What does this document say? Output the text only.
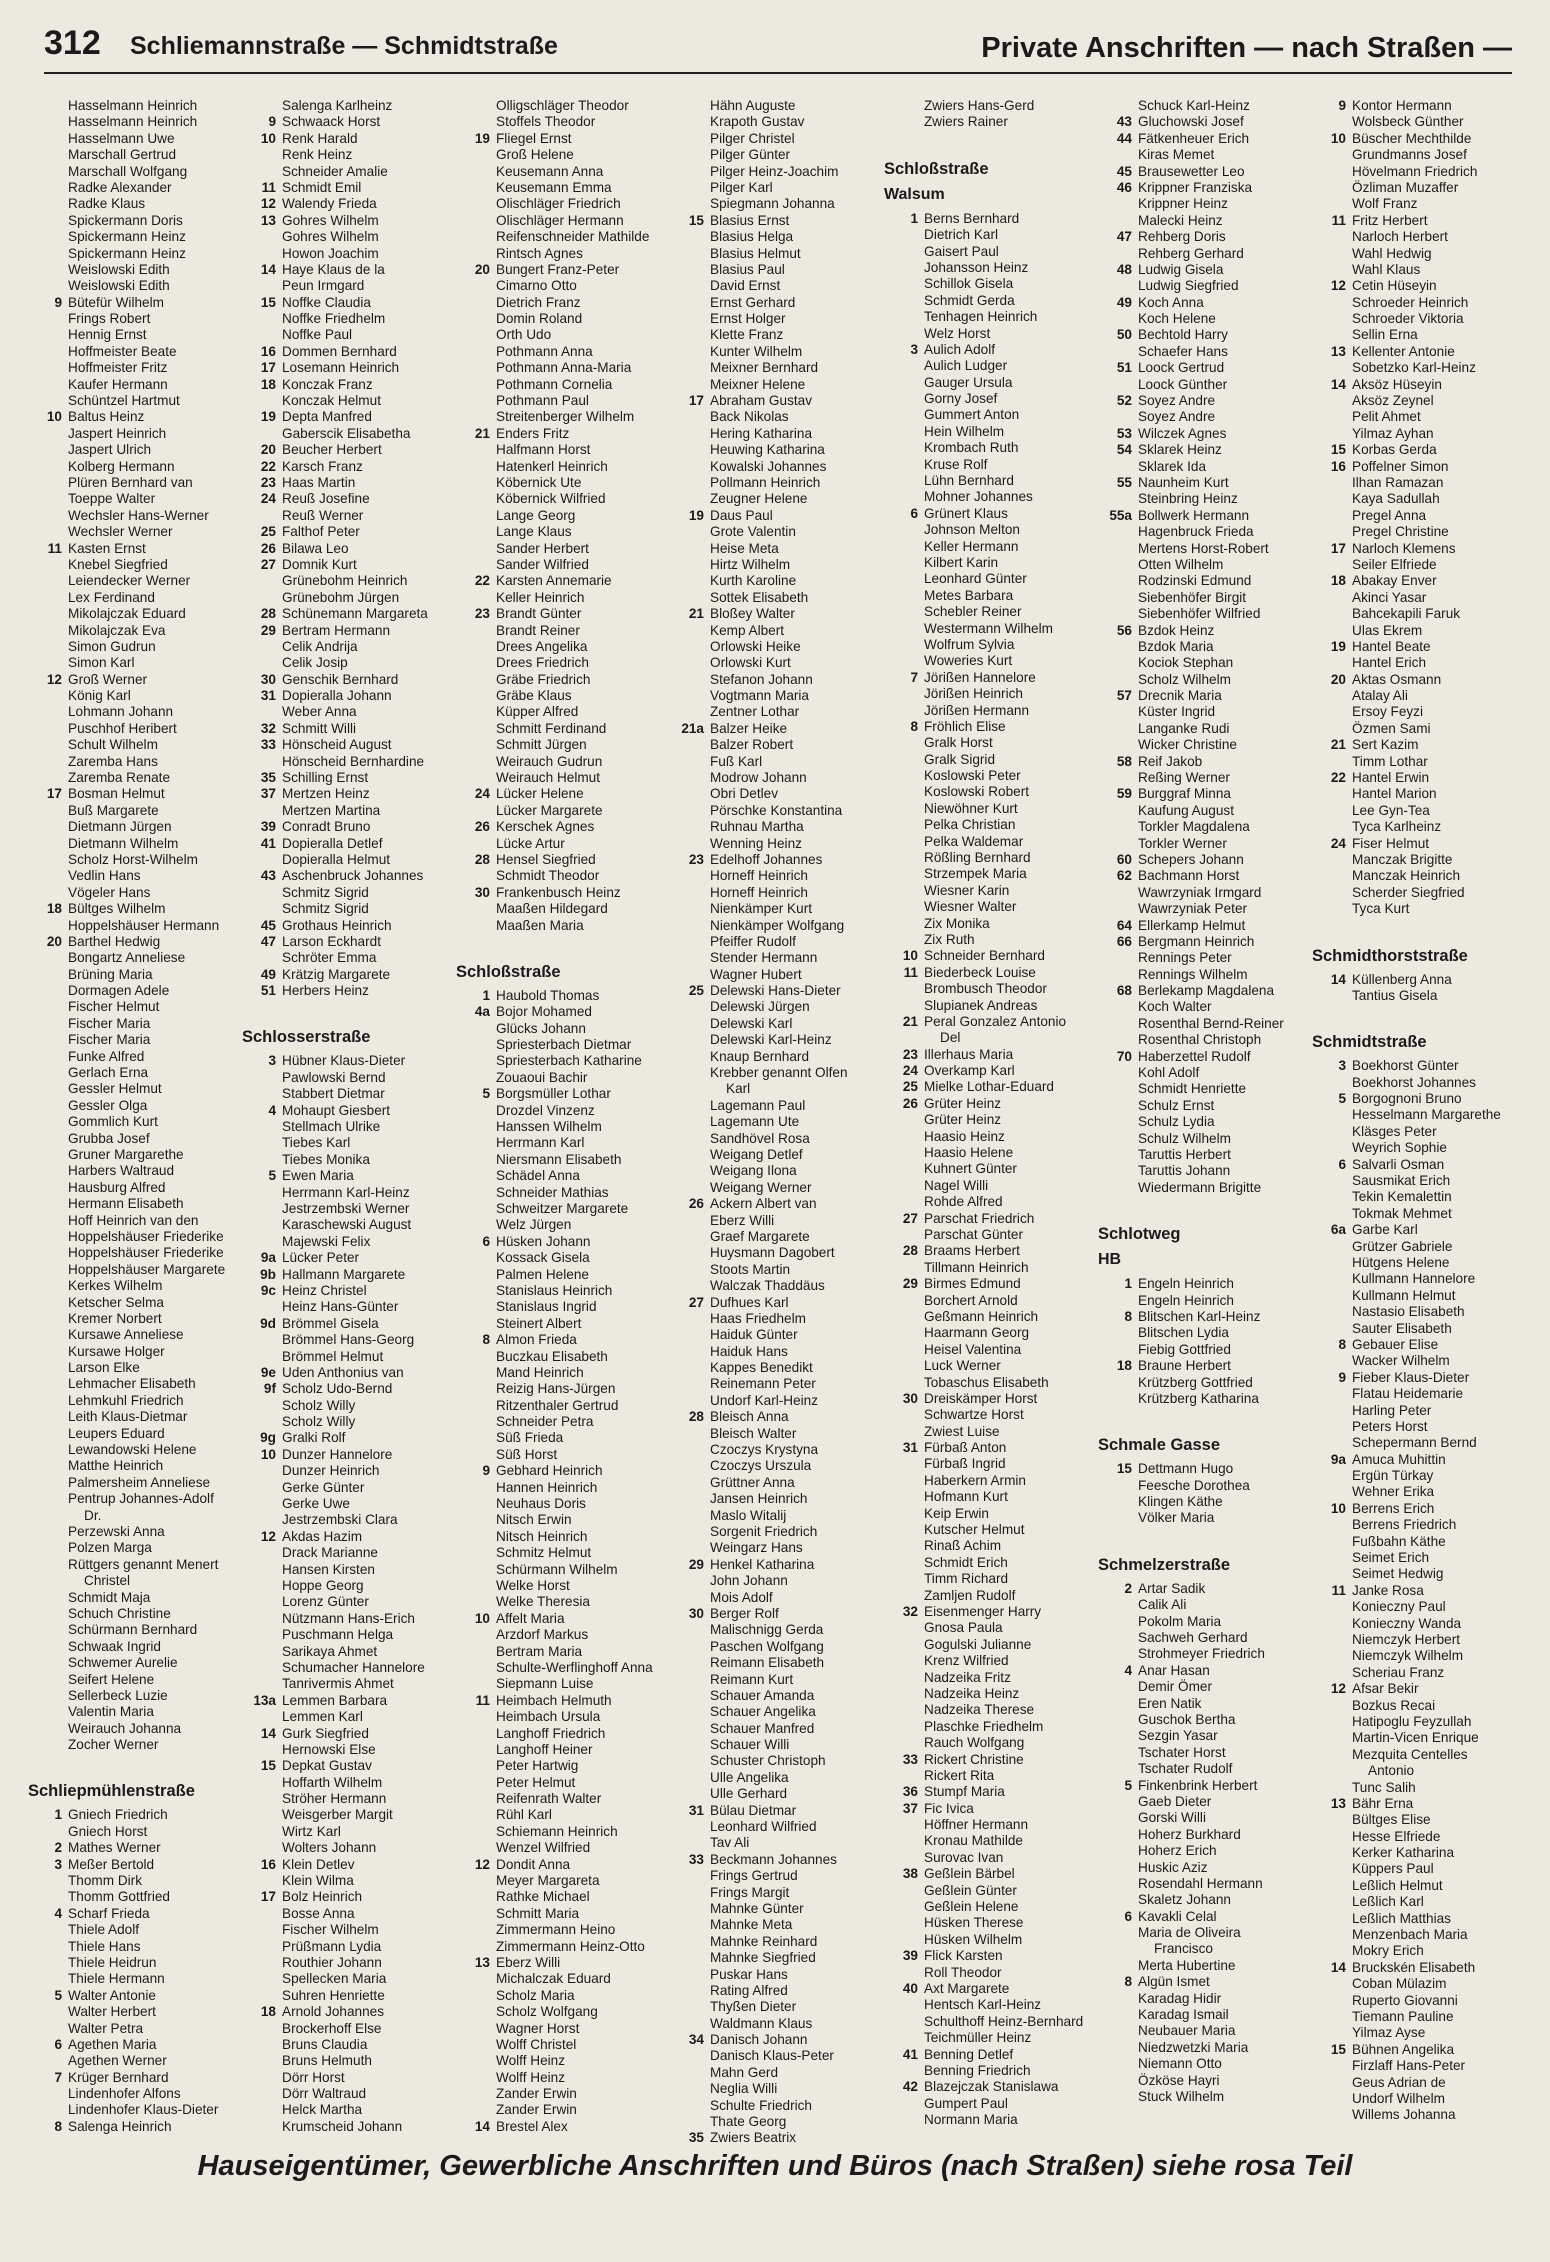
312 Schliemannstraße — Schmidtstraße	Private Anschriften — nach Straßen —
Hasselmann Heinrich
Hasselmann Heinrich
Hasselmann Uwe
Marschall Gertrud
Marschall Wolfgang
Radke Alexander
Radke Klaus
Spickermann Doris
Spickermann Heinz
Spickermann Heinz
Weislowski Edith
Weislowski Edith
9 Bütefür Wilhelm
Frings Robert
Hennig Ernst
Hoffmeister Beate
Hoffmeister Fritz
Kaufer Hermann
Schüntzel Hartmut
10 Baltus Heinz
Jaspert Heinrich
Jaspert Ulrich
Kolberg Hermann
Plüren Bernhard van
Toeppe Walter
Wechsler Hans-Werner
Wechsler Werner
11 Kasten Ernst
Knebel Siegfried
Leiendecker Werner
Lex Ferdinand
Mikolajczak Eduard
Mikolajczak Eva
Simon Gudrun
Simon Karl
12 Groß Werner
König Karl
Lohmann Johann
Puschhof Heribert
Schult Wilhelm
Zaremba Hans
Zaremba Renate
17 Bosman Helmut
Buß Margarete
Dietmann Jürgen
Dietmann Wilhelm
Scholz Horst-Wilhelm
Vedlin Hans
Vögeler Hans
18 Bültges Wilhelm
Hoppelshäuser Hermann
20 Barthel Hedwig
Bongartz Anneliese
Brüning Maria
Dormagen Adele
Fischer Helmut
Fischer Maria
Fischer Maria
Funke Alfred
Gerlach Erna
Gessler Helmut
Gessler Olga
Gommlich Kurt
Grubba Josef
Gruner Margarethe
Harbers Waltraud
Hausburg Alfred
Hermann Elisabeth
Hoff Heinrich van den
Hoppelshäuser Friederike
Hoppelshäuser Friederike
Hoppelshäuser Margarete
Kerkes Wilhelm
Ketscher Selma
Kremer Norbert
Kursawe Anneliese
Kursawe Holger
Larson Elke
Lehmacher Elisabeth
Lehmkuhl Friedrich
Leith Klaus-Dietmar
Leupers Eduard
Lewandowski Helene
Matthe Heinrich
Palmersheim Anneliese
Pentrup Johannes-Adolf
Dr.
Perzewski Anna
Polzen Marga
Rüttgers genannt Menert
Christel
Schmidt Maja
Schuch Christine
Schürmann Bernhard
Schwaak Ingrid
Schwemer Aurelie
Seifert Helene
Sellerbeck Luzie
Valentin Maria
Weirauch Johanna
Zocher Werner
Schliepmühlenstraße
1 Gniech Friedrich
Gniech Horst
2 Mathes Werner
3 Meßer Bertold
Thomm Dirk
Thomm Gottfried
4 Scharf Frieda
Thiele Adolf
Thiele Hans
Thiele Heidrun
Thiele Hermann
5 Walter Antonie
Walter Herbert
Walter Petra
6 Agethen Maria
Agethen Werner
7 Krüger Bernhard
Lindenhofer Alfons
Lindenhofer Klaus-Dieter
8 Salenga Heinrich
Salenga Karlheinz
9 Schwaack Horst
10 Renk Harald
Renk Heinz
Schneider Amalie
11 Schmidt Emil
12 Walendy Frieda
13 Gohres Wilhelm
Gohres Wilhelm
Howon Joachim
14 Haye Klaus de la
Peun Irmgard
15 Noffke Claudia
Noffke Friedhelm
Noffke Paul
16 Dommen Bernhard
17 Losemann Heinrich
18 Konczak Franz
Konczak Helmut
19 Depta Manfred
Gaberscik Elisabetha
20 Beucher Herbert
22 Karsch Franz
23 Haas Martin
24 Reuß Josefine
Reuß Werner
25 Falthof Peter
26 Bilawa Leo
27 Domnik Kurt
Grünebohm Heinrich
Grünebohm Jürgen
28 Schünemann Margareta
29 Bertram Hermann
Celik Andrija
Celik Josip
30 Genschik Bernhard
31 Dopieralla Johann
Weber Anna
32 Schmitt Willi
33 Hönscheid August
Hönscheid Bernhardine
35 Schilling Ernst
37 Mertzen Heinz
Mertzen Martina
39 Conradt Bruno
41 Dopieralla Detlef
Dopieralla Helmut
43 Aschenbruck Johannes
Schmitz Sigrid
Schmitz Sigrid
45 Grothaus Heinrich
47 Larson Eckhardt
Schröter Emma
49 Krätzig Margarete
51 Herbers Heinz
Schlosserstraße
3 Hübner Klaus-Dieter
Pawlowski Bernd
Stabbert Dietmar
4 Mohaupt Giesbert
Stellmach Ulrike
Tiebes Karl
Tiebes Monika
5 Ewen Maria
Herrmann Karl-Heinz
Jestrzembski Werner
Karaschewski August
Majewski Felix
9a Lücker Peter
9b Hallmann Margarete
9c Heinz Christel
Heinz Hans-Günter
9d Brömmel Gisela
Brömmel Hans-Georg
Brömmel Helmut
9e Uden Anthonius van
9f Scholz Udo-Bernd
Scholz Willy
Scholz Willy
9g Gralki Rolf
10 Dunzer Hannelore
Dunzer Heinrich
Gerke Günter
Gerke Uwe
Jestrzembski Clara
12 Akdas Hazim
Drack Marianne
Hansen Kirsten
Hoppe Georg
Lorenz Günter
Nützmann Hans-Erich
Puschmann Helga
Sarikaya Ahmet
Schumacher Hannelore
Tanrivermis Ahmet
13a Lemmen Barbara
Lemmen Karl
14 Gurk Siegfried
Hernowski Else
15 Depkat Gustav
Hoffarth Wilhelm
Ströher Hermann
Weisgerber Margit
Wirtz Karl
Wolters Johann
16 Klein Detlev
Klein Wilma
17 Bolz Heinrich
Bosse Anna
Fischer Wilhelm
Prüßmann Lydia
Routhier Johann
Spellecken Maria
Suhren Henriette
18 Arnold Johannes
Brockerhoff Else
Bruns Claudia
Bruns Helmuth
Dörr Horst
Dörr Waltraud
Helck Martha
Krumscheid Johann
Olligschläger Theodor
Stoffels Theodor
19 Fliegel Ernst
Groß Helene
Keusemann Anna
Keusemann Emma
Olischläger Friedrich
Olischläger Hermann
Reifenschneider Mathilde
Rintsch Agnes
20 Bungert Franz-Peter
Cimarno Otto
Dietrich Franz
Domin Roland
Orth Udo
Pothmann Anna
Pothmann Anna-Maria
Pothmann Cornelia
Pothmann Paul
Streitenberger Wilhelm
21 Enders Fritz
Halfmann Horst
Hatenkerl Heinrich
Köbernick Ute
Köbernick Wilfried
Lange Georg
Lange Klaus
Sander Herbert
Sander Wilfried
22 Karsten Annemarie
Keller Heinrich
23 Brandt Günter
Brandt Reiner
Drees Angelika
Drees Friedrich
Gräbe Friedrich
Gräbe Klaus
Küpper Alfred
Schmitt Ferdinand
Schmitt Jürgen
Weirauch Gudrun
Weirauch Helmut
24 Lücker Helene
Lücker Margarete
26 Kerschek Agnes
Lücke Artur
28 Hensel Siegfried
Schmidt Theodor
30 Frankenbusch Heinz
Maaßen Hildegard
Maaßen Maria
Schloßstraße
1 Haubold Thomas
4a Bojor Mohamed
Glücks Johann
Spriesterbach Dietmar
Spriesterbach Katharine
Zouaoui Bachir
5 Borgsmüller Lothar
Drozdel Vinzenz
Hanssen Wilhelm
Herrmann Karl
Niersmann Elisabeth
Schädel Anna
Schneider Mathias
Schweitzer Margarete
Welz Jürgen
6 Hüsken Johann
Kossack Gisela
Palmen Helene
Stanislaus Heinrich
Stanislaus Ingrid
Steinert Albert
8 Almon Frieda
Buczkau Elisabeth
Mand Heinrich
Reizig Hans-Jürgen
Ritzenthaler Gertrud
Schneider Petra
Süß Frieda
Süß Horst
9 Gebhard Heinrich
Hannen Heinrich
Neuhaus Doris
Nitsch Erwin
Nitsch Heinrich
Schmitz Helmut
Schürmann Wilhelm
Welke Horst
Welke Theresia
10 Affelt Maria
Arzdorf Markus
Bertram Maria
Schulte-Werflinghoff Anna
Siepmann Luise
11 Heimbach Helmuth
Heimbach Ursula
Langhoff Friedrich
Langhoff Heiner
Peter Hartwig
Peter Helmut
Reifenrath Walter
Rühl Karl
Schiemann Heinrich
Wenzel Wilfried
12 Dondit Anna
Meyer Margareta
Rathke Michael
Schmitt Maria
Zimmermann Heino
Zimmermann Heinz-Otto
13 Eberz Willi
Michalczak Eduard
Scholz Maria
Scholz Wolfgang
Wagner Horst
Wolff Christel
Wolff Heinz
Wolff Heinz
Zander Erwin
Zander Erwin
14 Brestel Alex
Hähn Auguste
Krapoth Gustav
Pilger Christel
Pilger Günter
Pilger Heinz-Joachim
Pilger Karl
Spiegmann Johanna
15 Blasius Ernst
Blasius Helga
Blasius Helmut
Blasius Paul
David Ernst
Ernst Gerhard
Ernst Holger
Klette Franz
Kunter Wilhelm
Meixner Bernhard
Meixner Helene
17 Abraham Gustav
Back Nikolas
Hering Katharina
Heuwing Katharina
Kowalski Johannes
Pollmann Heinrich
Zeugner Helene
19 Daus Paul
Grote Valentin
Heise Meta
Hirtz Wilhelm
Kurth Karoline
Sottek Elisabeth
21 Bloßey Walter
Kemp Albert
Orlowski Heike
Orlowski Kurt
Stefanon Johann
Vogtmann Maria
Zentner Lothar
21a Balzer Heike
Balzer Robert
Fuß Karl
Modrow Johann
Obri Detlev
Pörschke Konstantina
Ruhnau Martha
Wenning Heinz
23 Edelhoff Johannes
Horneff Heinrich
Horneff Heinrich
Nienkämper Kurt
Nienkämper Wolfgang
Pfeiffer Rudolf
Stender Hermann
Wagner Hubert
25 Delewski Hans-Dieter
Delewski Jürgen
Delewski Karl
Delewski Karl-Heinz
Knaup Bernhard
Krebber genannt Olfen
Karl
Lagemann Paul
Lagemann Ute
Sandhövel Rosa
Weigang Detlef
Weigang Ilona
Weigang Werner
26 Ackern Albert van
Eberz Willi
Graef Margarete
Huysmann Dagobert
Stoots Martin
Walczak Thaddäus
27 Dufhues Karl
Haas Friedhelm
Haiduk Günter
Haiduk Hans
Kappes Benedikt
Reinemann Peter
Undorf Karl-Heinz
28 Bleisch Anna
Bleisch Walter
Czoczys Krystyna
Czoczys Urszula
Grüttner Anna
Jansen Heinrich
Maslo Witalij
Sorgenit Friedrich
Weingarz Hans
29 Henkel Katharina
John Johann
Mois Adolf
30 Berger Rolf
Malischnigg Gerda
Paschen Wolfgang
Reimann Elisabeth
Reimann Kurt
Schauer Amanda
Schauer Angelika
Schauer Manfred
Schauer Willi
Schuster Christoph
Ulle Angelika
Ulle Gerhard
31 Bülau Dietmar
Leonhard Wilfried
Tav Ali
33 Beckmann Johannes
Frings Gertrud
Frings Margit
Mahnke Günter
Mahnke Meta
Mahnke Reinhard
Mahnke Siegfried
Puskar Hans
Rating Alfred
Thyßen Dieter
Waldmann Klaus
34 Danisch Johann
Danisch Klaus-Peter
Mahn Gerd
Neglia Willi
Schulte Friedrich
Thate Georg
35 Zwiers Beatrix
Zwiers Hans-Gerd
Zwiers Rainer
Schloßstraße
Walsum
1 Berns Bernhard
Dietrich Karl
Gaisert Paul
Johansson Heinz
Schillok Gisela
Schmidt Gerda
Tenhagen Heinrich
Welz Horst
3 Aulich Adolf
Aulich Ludger
Gauger Ursula
Gorny Josef
Gummert Anton
Hein Wilhelm
Krombach Ruth
Kruse Rolf
Lühn Bernhard
Mohner Johannes
6 Grünert Klaus
Johnson Melton
Keller Hermann
Kilbert Karin
Leonhard Günter
Metes Barbara
Schebler Reiner
Westermann Wilhelm
Wolfrum Sylvia
Woweries Kurt
7 Jörißen Hannelore
Jörißen Heinrich
Jörißen Hermann
8 Fröhlich Elise
Gralk Horst
Gralk Sigrid
Koslowski Peter
Koslowski Robert
Niewöhner Kurt
Pelka Christian
Pelka Waldemar
Rößling Bernhard
Strzempek Maria
Wiesner Karin
Wiesner Walter
Zix Monika
Zix Ruth
10 Schneider Bernhard
11 Biederbeck Louise
Brombusch Theodor
Slupianek Andreas
21 Peral Gonzalez Antonio
Del
23 Illerhaus Maria
24 Overkamp Karl
25 Mielke Lothar-Eduard
26 Grüter Heinz
Grüter Heinz
Haasio Heinz
Haasio Helene
Kuhnert Günter
Nagel Willi
Rohde Alfred
27 Parschat Friedrich
Parschat Günter
28 Braams Herbert
Tillmann Heinrich
29 Birmes Edmund
Borchert Arnold
Geßmann Heinrich
Haarmann Georg
Heisel Valentina
Luck Werner
Tobaschus Elisabeth
30 Dreiskämper Horst
Schwartze Horst
Zwiest Luise
31 Fürbaß Anton
Fürbaß Ingrid
Haberkern Armin
Hofmann Kurt
Keip Erwin
Kutscher Helmut
Rinaß Achim
Schmidt Erich
Timm Richard
Zamljen Rudolf
32 Eisenmenger Harry
Gnosa Paula
Gogulski Julianne
Krenz Wilfried
Nadzeika Fritz
Nadzeika Heinz
Nadzeika Therese
Plaschke Friedhelm
Rauch Wolfgang
33 Rickert Christine
Rickert Rita
36 Stumpf Maria
37 Fic Ivica
Höffner Hermann
Kronau Mathilde
Surovac Ivan
38 Geßlein Bärbel
Geßlein Günter
Geßlein Helene
Hüsken Therese
Hüsken Wilhelm
39 Flick Karsten
Roll Theodor
40 Axt Margarete
Hentsch Karl-Heinz
Schulthoff Heinz-Bernhard
Teichmüller Heinz
41 Benning Detlef
Benning Friedrich
42 Blazejczak Stanislawa
Gumpert Paul
Normann Maria
Schuck Karl-Heinz
43 Gluchowski Josef
44 Fätkenheuer Erich
Kiras Memet
45 Brausewetter Leo
46 Krippner Franziska
Krippner Heinz
Malecki Heinz
47 Rehberg Doris
Rehberg Gerhard
48 Ludwig Gisela
Ludwig Siegfried
49 Koch Anna
Koch Helene
50 Bechtold Harry
Schaefer Hans
51 Loock Gertrud
Loock Günther
52 Soyez Andre
Soyez Andre
53 Wilczek Agnes
54 Sklarek Heinz
Sklarek Ida
55 Naunheim Kurt
Steinbring Heinz
55a Bollwerk Hermann
Hagenbruck Frieda
Mertens Horst-Robert
Otten Wilhelm
Rodzinski Edmund
Siebenhöfer Birgit
Siebenhöfer Wilfried
56 Bzdok Heinz
Bzdok Maria
Kociok Stephan
Scholz Wilhelm
57 Drecnik Maria
Küster Ingrid
Langanke Rudi
Wicker Christine
58 Reif Jakob
Reßing Werner
59 Burggraf Minna
Kaufung August
Torkler Magdalena
Torkler Werner
60 Schepers Johann
62 Bachmann Horst
Wawrzyniak Irmgard
Wawrzyniak Peter
64 Ellerkamp Helmut
66 Bergmann Heinrich
Rennings Peter
Rennings Wilhelm
68 Berlekamp Magdalena
Koch Walter
Rosenthal Bernd-Reiner
Rosenthal Christoph
70 Haberzettel Rudolf
Kohl Adolf
Schmidt Henriette
Schulz Ernst
Schulz Lydia
Schulz Wilhelm
Taruttis Herbert
Taruttis Johann
Wiedermann Brigitte
Schlotweg
HB
1 Engeln Heinrich
Engeln Heinrich
8 Blitschen Karl-Heinz
Blitschen Lydia
Fiebig Gottfried
18 Braune Herbert
Krützberg Gottfried
Krützberg Katharina
Schmale Gasse
15 Dettmann Hugo
Feesche Dorothea
Klingen Käthe
Völker Maria
Schmelzerstraße
2 Artar Sadik
Calik Ali
Pokolm Maria
Sachweh Gerhard
Strohmeyer Friedrich
4 Anar Hasan
Demir Ömer
Eren Natik
Guschok Bertha
Sezgin Yasar
Tschater Horst
Tschater Rudolf
5 Finkenbrink Herbert
Gaeb Dieter
Gorski Willi
Hoherz Burkhard
Hoherz Erich
Huskic Aziz
Rosendahl Hermann
Skaletz Johann
6 Kavakli Celal
Maria de Oliveira
Francisco
Merta Hubertine
8 Algün Ismet
Karadag Hidir
Karadag Ismail
Neubauer Maria
Niedzwetzki Maria
Niemann Otto
Özköse Hayri
Stuck Wilhelm
9 Kontor Hermann
Wolsbeck Günther
10 Büscher Mechthilde
Grundmanns Josef
Hövelmann Friedrich
Özliman Muzaffer
Wolf Franz
11 Fritz Herbert
Narloch Herbert
Wahl Hedwig
Wahl Klaus
12 Cetin Hüseyin
Schroeder Heinrich
Schroeder Viktoria
Sellin Erna
13 Kellenter Antonie
Sobetzko Karl-Heinz
14 Aksöz Hüseyin
Aksöz Zeynel
Pelit Ahmet
Yilmaz Ayhan
15 Korbas Gerda
16 Poffelner Simon
Ilhan Ramazan
Kaya Sadullah
Pregel Anna
Pregel Christine
17 Narloch Klemens
Seiler Elfriede
18 Abakay Enver
Akinci Yasar
Bahcekapili Faruk
Ulas Ekrem
19 Hantel Beate
Hantel Erich
20 Aktas Osmann
Atalay Ali
Ersoy Feyzi
Özmen Sami
21 Sert Kazim
Timm Lothar
22 Hantel Erwin
Hantel Marion
Lee Gyn-Tea
Tyca Karlheinz
24 Fiser Helmut
Manczak Brigitte
Manczak Heinrich
Scherder Siegfried
Tyca Kurt
Schmidthorststraße
14 Küllenberg Anna
Tantius Gisela
Schmidtstraße
3 Boekhorst Günter
Boekhorst Johannes
5 Borgognoni Bruno
Hesselmann Margarethe
Kläsges Peter
Weyrich Sophie
6 Salvarli Osman
Sausmikat Erich
Tekin Kemalettin
Tokmak Mehmet
6a Garbe Karl
Grützer Gabriele
Hütgens Helene
Kullmann Hannelore
Kullmann Helmut
Nastasio Elisabeth
Sauter Elisabeth
8 Gebauer Elise
Wacker Wilhelm
9 Fieber Klaus-Dieter
Flatau Heidemarie
Harling Peter
Peters Horst
Schepermann Bernd
9a Amuca Muhittin
Ergün Türkay
Wehner Erika
10 Berrens Erich
Berrens Friedrich
Fußbahn Käthe
Seimet Erich
Seimet Hedwig
11 Janke Rosa
Konieczny Paul
Konieczny Wanda
Niemczyk Herbert
Niemczyk Wilhelm
Scheriau Franz
12 Afsar Bekir
Bozkus Recai
Hatipoglu Feyzullah
Martin-Vicen Enrique
Mezquita Centelles
Antonio
Tunc Salih
13 Bähr Erna
Bültges Elise
Hesse Elfriede
Kerker Katharina
Küppers Paul
Leßlich Helmut
Leßlich Karl
Leßlich Matthias
Menzenbach Maria
Mokry Erich
14 Bruckskén Elisabeth
Coban Mülazim
Ruperto Giovanni
Tiemann Pauline
Yilmaz Ayse
15 Bühnen Angelika
Firzlaff Hans-Peter
Geus Adrian de
Undorf Wilhelm
Willems Johanna
Hauseigentümer, Gewerbliche Anschriften und Büros (nach Straßen) siehe rosa Teil
